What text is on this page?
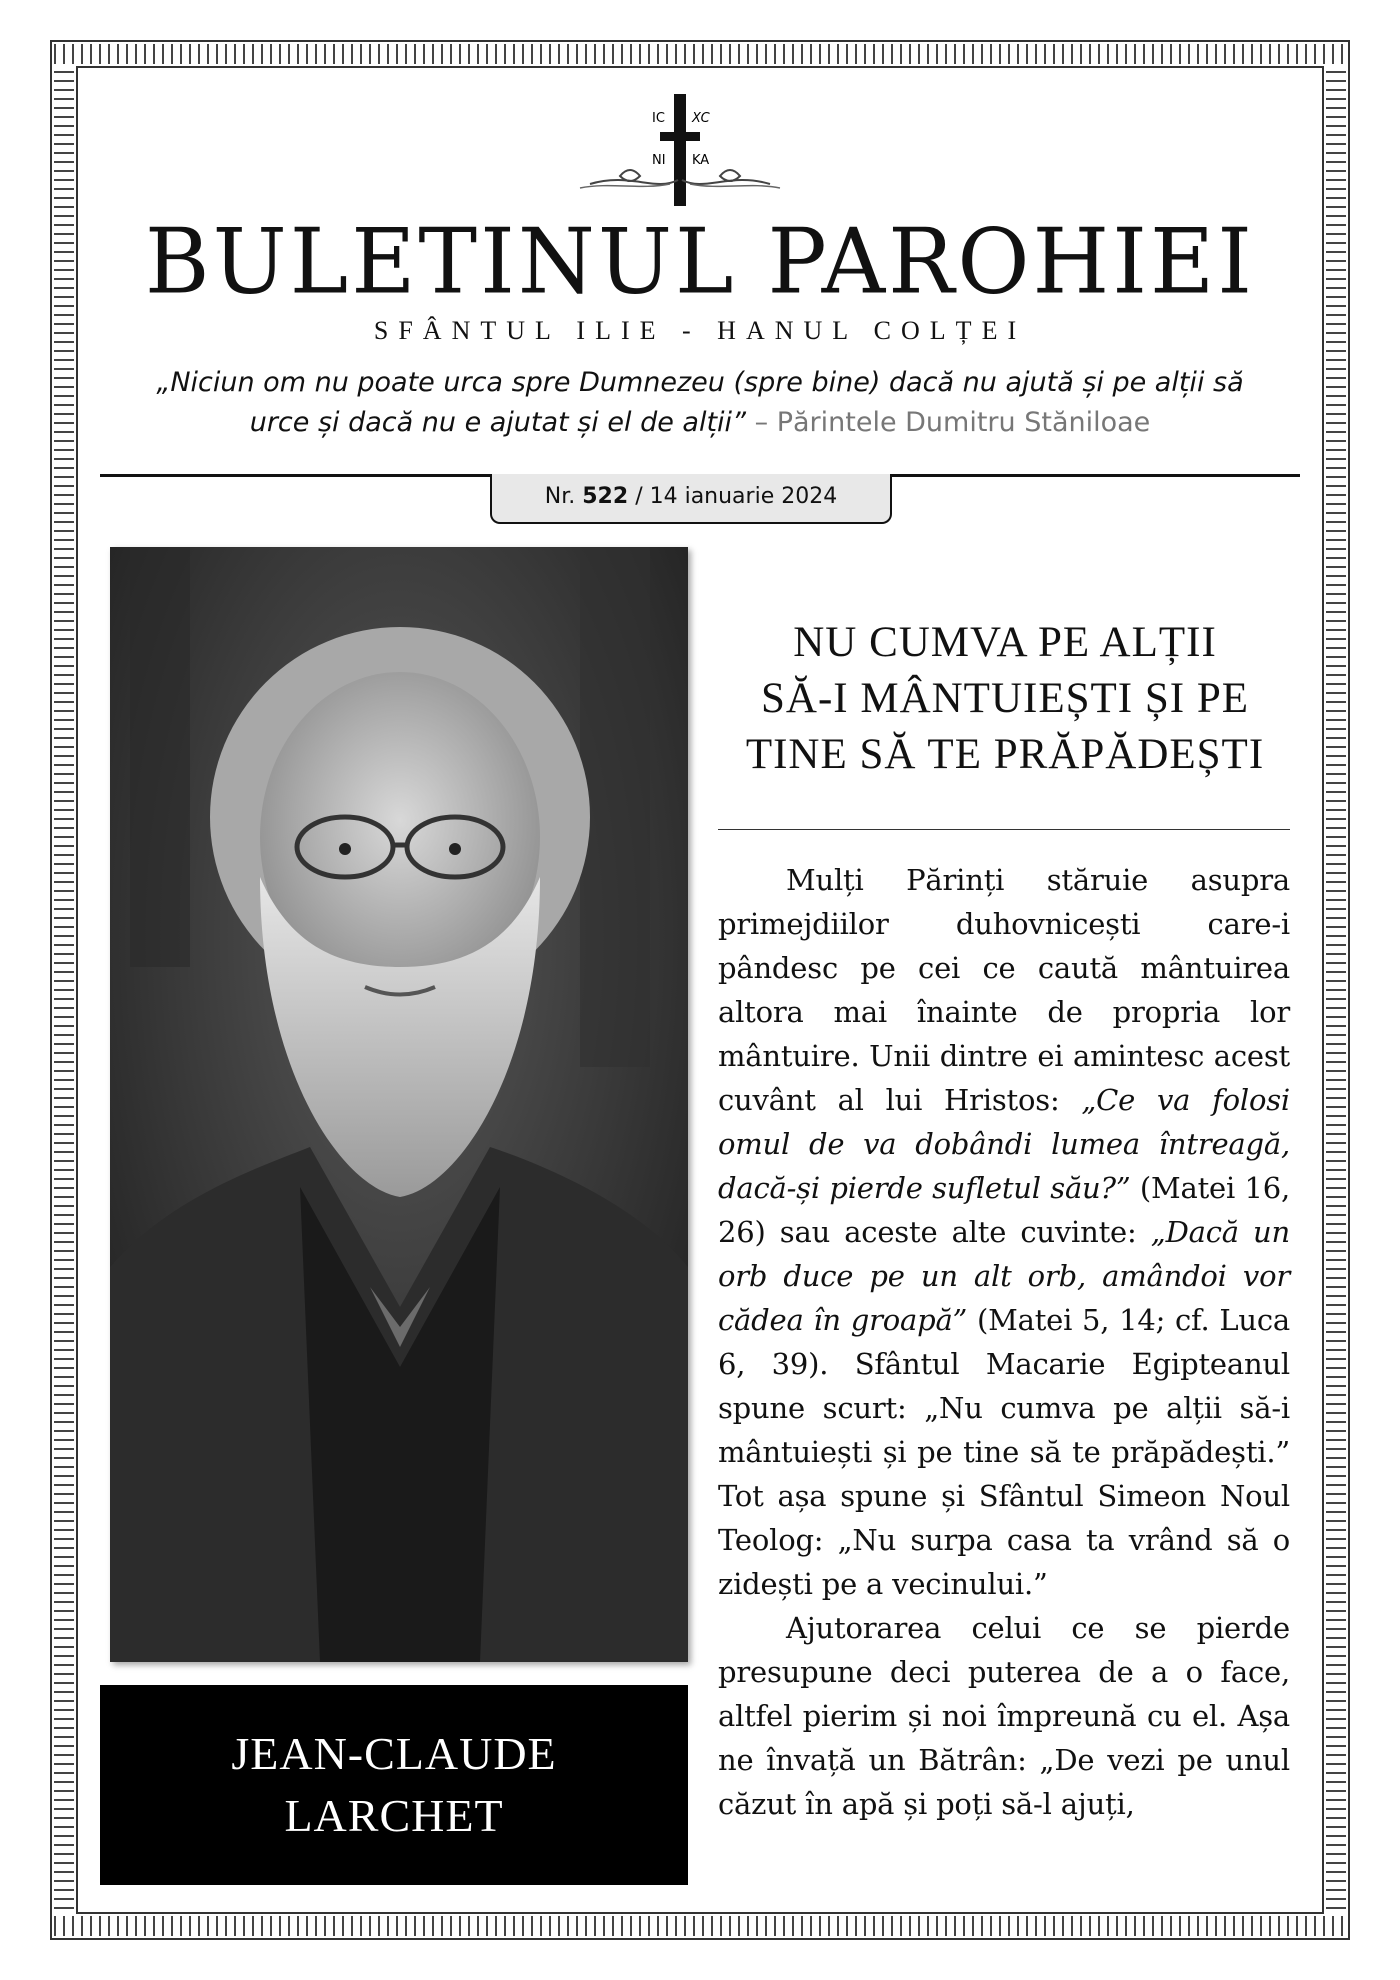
IC XC
NI KA
BULETINUL PAROHIEI
SFÂNTUL ILIE - HANUL COLȚEI

„Niciun om nu poate urca spre Dumnezeu (spre bine) dacă nu ajută și pe alții să urce și dacă nu e ajutat și el de alții” – Părintele Dumitru Stăniloae

Nr. 522 / 14 ianuarie 2024
JEAN-CLAUDE
LARCHET
NU CUMVA PE ALȚII
SĂ-I MÂNTUIEȘTI ȘI PE
TINE SĂ TE PRĂPĂDEȘTI

Mulți Părinți stăruie asupra primejdiilor duhovnicești care-i pândesc pe cei ce caută mântuirea altora mai înainte de propria lor mântuire. Unii dintre ei amintesc acest cuvânt al lui Hristos: „Ce va folosi omul de va dobândi lumea întreagă, dacă-și pierde sufletul său?” (Matei 16, 26) sau aceste alte cuvinte: „Dacă un orb duce pe un alt orb, amândoi vor cădea în groapă” (Matei 5, 14; cf. Luca 6, 39). Sfântul Macarie Egipteanul spune scurt: „Nu cumva pe alții să-i mântuiești și pe tine să te prăpădești.” Tot așa spune și Sfântul Simeon Noul Teolog: „Nu surpa casa ta vrând să o zidești pe a vecinului.”

Ajutorarea celui ce se pierde presupune deci puterea de a o face, altfel pierim și noi împreună cu el. Așa ne învață un Bătrân: „De vezi pe unul căzut în apă și poți să-l ajuți,
